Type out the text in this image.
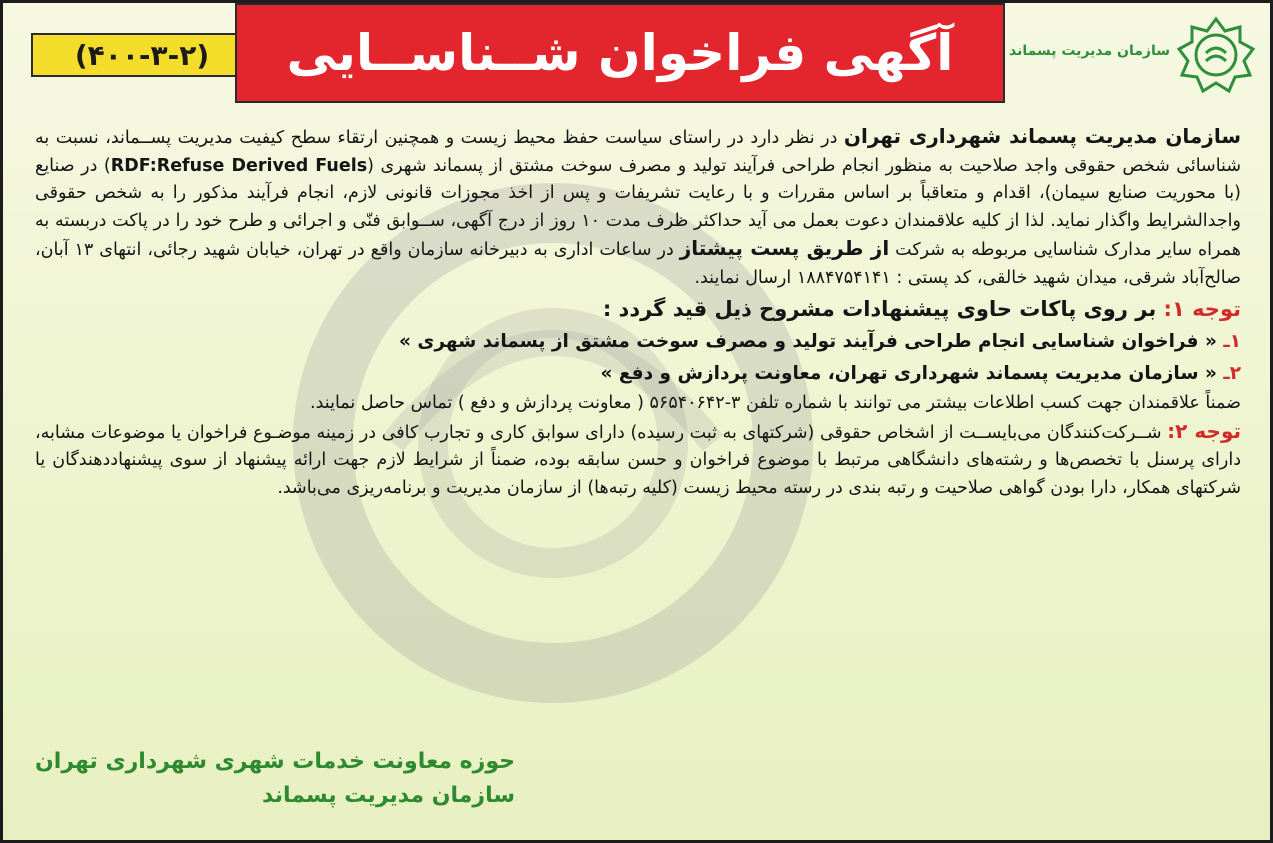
(۴۰۰-۳-۲) آگهی فراخوان شــناســایی	سازمان مدیریت پسماند

سازمان مدیریت پسماند شهرداری تهران در نظر دارد در راستای سیاست حفظ محیط زیست و همچنین ارتقاء سطح کیفیت مدیریت پســماند، نسبت به شناسائی شخص حقوقی واجد صلاحیت به منظور انجام طراحی فرآیند تولید و مصرف سوخت مشتق از پسماند شهری (RDF:Refuse Derived Fuels) در صنایع (با محوریت صنایع سیمان)، اقدام و متعاقباً بر اساس مقررات و با رعایت تشریفات و پس از اخذ مجوزات قانونی لازم، انجام فرآیند مذکور را به شخص حقوقی واجدالشرایط واگذار نماید. لذا از کلیه علاقمندان دعوت بعمل می آید حداکثر ظرف مدت ۱۰ روز از درج آگهی، ســوابق فنّی و اجرائی و طرح خود را در پاکت دربسته به همراه سایر مدارک شناسایی مربوطه به شرکت از طریق پست پیشتاز در ساعات اداری به دبیرخانه سازمان واقع در تهران، خیابان شهید رجائی، انتهای ۱۳ آبان، صالح‌آباد شرقی، میدان شهید خالقی، کد پستی : ۱۸۸۴۷۵۴۱۴۱ ارسال نمایند.

توجه ۱: بر روی پاکات حاوی پیشنهادات مشروح ذیل قید گردد :

۱ـ « فراخوان شناسایی انجام طراحی فرآیند تولید و مصرف سوخت مشتق از پسماند شهری »

۲ـ « سازمان مدیریت پسماند شهرداری تهران، معاونت پردازش و دفع »

ضمناً علاقمندان جهت کسب اطلاعات بیشتر می توانند با شماره تلفن ۳-۵۶۵۴۰۶۴۲ ( معاونت پردازش و دفع ) تماس حاصل نمایند.

توجه ۲: شــرکت‌کنندگان می‌بایســت از اشخاص حقوقی (شرکتهای به ثبت رسیده) دارای سوابق کاری و تجارب کافی در زمینه موضـوع فراخوان یا موضوعات مشابه، دارای پرسنل با تخصص‌ها و رشته‌های دانشگاهی مرتبط با موضوع فراخوان و حسن سابقه بوده، ضمناً از شرایط لازم جهت ارائه پیشنهاد از سوی پیشنهاددهندگان یا شرکتهای همکار، دارا بودن گواهی صلاحیت و رتبه بندی در رسته محیط زیست (کلیه رتبه‌ها) از سازمان مدیریت و برنامه‌ریزی می‌باشد.

حوزه معاونت خدمات شهری شهرداری تهران
سازمان مدیریت پسماند
